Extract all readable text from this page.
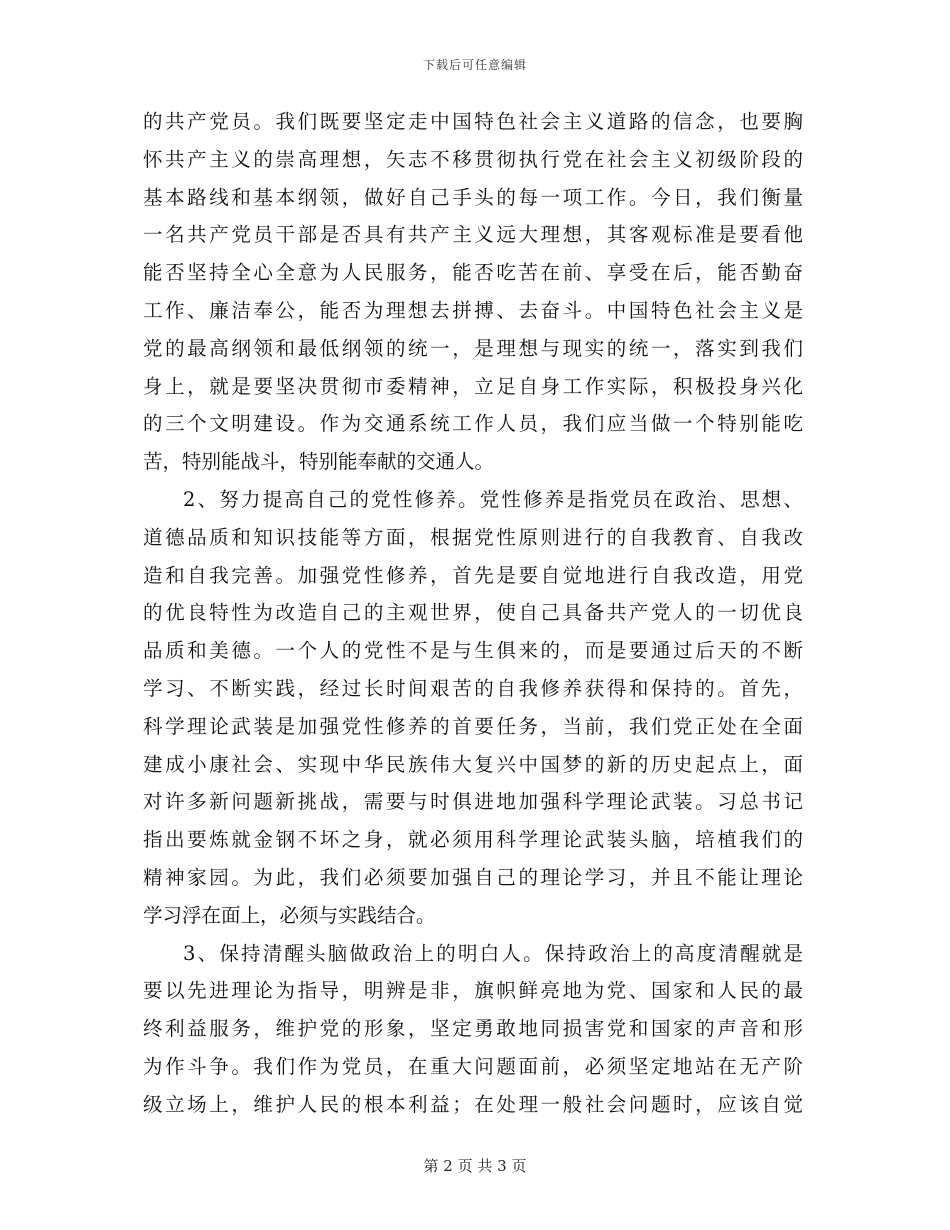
下载后可任意编辑
的共产党员。我们既要坚定走中国特色社会主义道路的信念，也要胸
怀共产主义的崇高理想，矢志不移贯彻执行党在社会主义初级阶段的
基本路线和基本纲领，做好自己手头的每一项工作。今日，我们衡量
一名共产党员干部是否具有共产主义远大理想，其客观标准是要看他
能否坚持全心全意为人民服务，能否吃苦在前、享受在后，能否勤奋
工作、廉洁奉公，能否为理想去拼搏、去奋斗。中国特色社会主义是
党的最高纲领和最低纲领的统一，是理想与现实的统一，落实到我们
身上，就是要坚决贯彻市委精神，立足自身工作实际，积极投身兴化
的三个文明建设。作为交通系统工作人员，我们应当做一个特别能吃
苦，特别能战斗，特别能奉献的交通人。
2、努力提高自己的党性修养。党性修养是指党员在政治、思想、
道德品质和知识技能等方面，根据党性原则进行的自我教育、自我改
造和自我完善。加强党性修养，首先是要自觉地进行自我改造，用党
的优良特性为改造自己的主观世界，使自己具备共产党人的一切优良
品质和美德。一个人的党性不是与生俱来的，而是要通过后天的不断
学习、不断实践，经过长时间艰苦的自我修养获得和保持的。首先，
科学理论武装是加强党性修养的首要任务，当前，我们党正处在全面
建成小康社会、实现中华民族伟大复兴中国梦的新的历史起点上，面
对许多新问题新挑战，需要与时俱进地加强科学理论武装。习总书记
指出要炼就金钢不坏之身，就必须用科学理论武装头脑，培植我们的
精神家园。为此，我们必须要加强自己的理论学习，并且不能让理论
学习浮在面上，必须与实践结合。
3、保持清醒头脑做政治上的明白人。保持政治上的高度清醒就是
要以先进理论为指导，明辨是非，旗帜鲜亮地为党、国家和人民的最
终利益服务，维护党的形象，坚定勇敢地同损害党和国家的声音和形
为作斗争。我们作为党员，在重大问题面前，必须坚定地站在无产阶
级立场上，维护人民的根本利益；在处理一般社会问题时，应该自觉
第 2 页 共 3 页
